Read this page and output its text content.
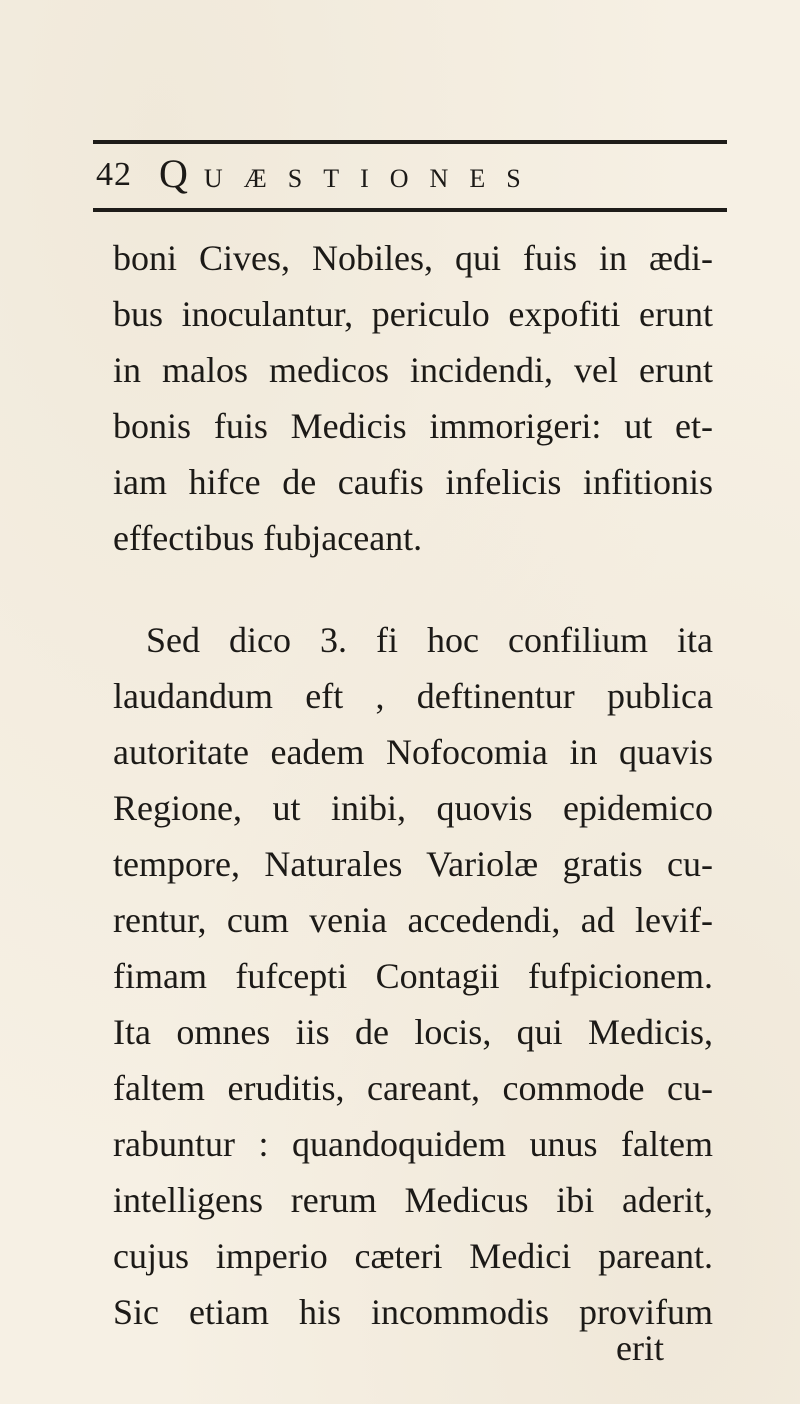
42 QUÆSTIONES
boni Cives, Nobiles, qui fuis in ædi-
bus inoculantur, periculo expofiti erunt
in malos medicos incidendi, vel erunt
bonis fuis Medicis immorigeri: ut et-
iam hifce de caufis infelicis infitionis
effectibus fubjaceant.
Sed dico 3. fi hoc confilium ita
laudandum eft , deftinentur publica
autoritate eadem Nofocomia in quavis
Regione, ut inibi, quovis epidemico
tempore, Naturales Variolæ gratis cu-
rentur, cum venia accedendi, ad levif-
fimam fufcepti Contagii fufpicionem.
Ita omnes iis de locis, qui Medicis,
faltem eruditis, careant, commode cu-
rabuntur : quandoquidem unus faltem
intelligens rerum Medicus ibi aderit,
cujus imperio cæteri Medici pareant.
Sic etiam his incommodis provifum
erit
